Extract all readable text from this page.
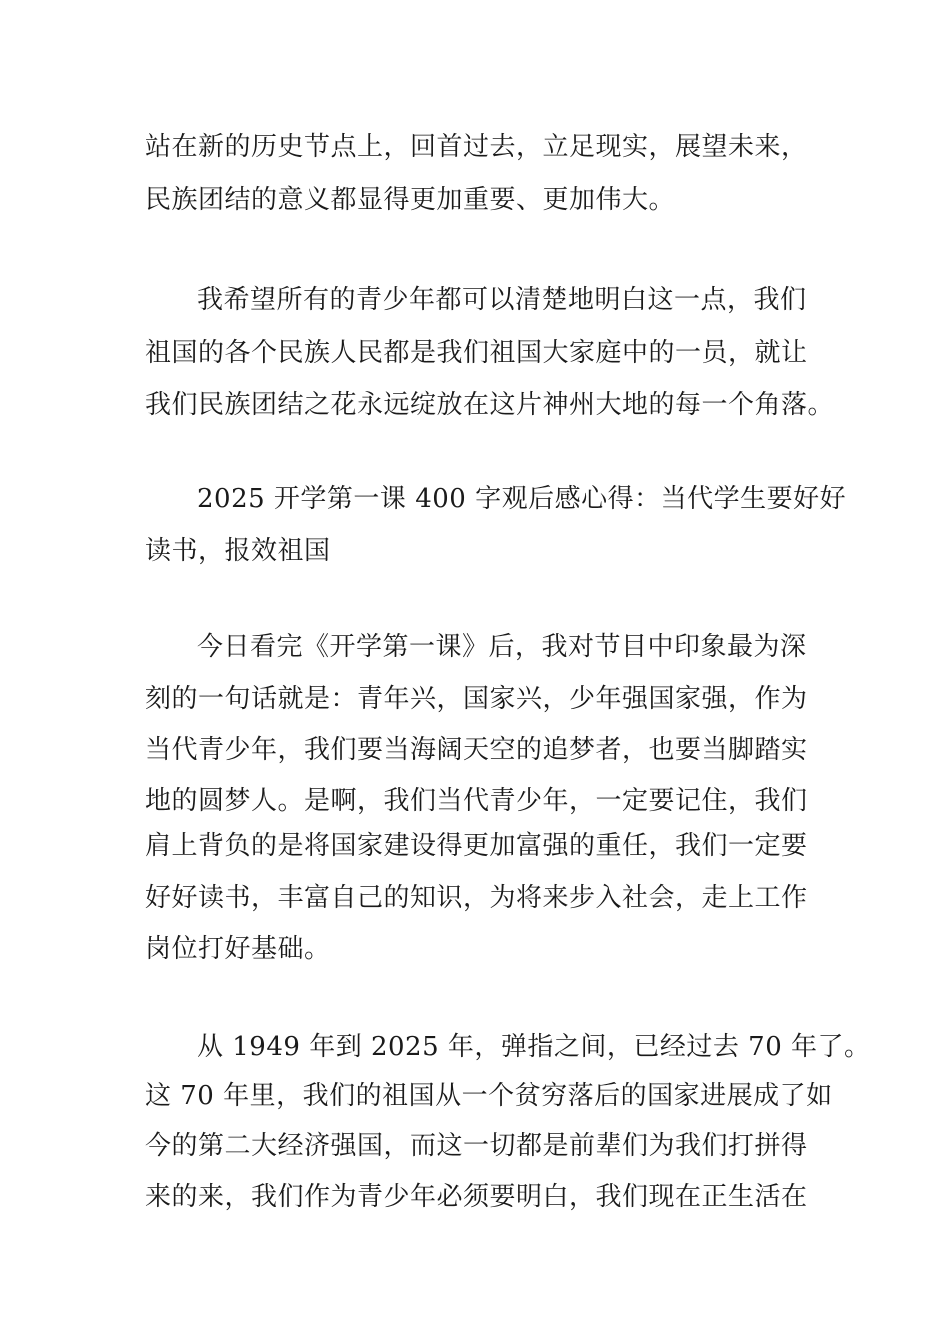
站在新的历史节点上，回首过去，立足现实，展望未来，
民族团结的意义都显得更加重要、更加伟大。
我希望所有的青少年都可以清楚地明白这一点，我们
祖国的各个民族人民都是我们祖国大家庭中的一员，就让
我们民族团结之花永远绽放在这片神州大地的每一个角落。
2025 开学第一课 400 字观后感心得：当代学生要好好
读书，报效祖国
今日看完《开学第一课》后，我对节目中印象最为深
刻的一句话就是：青年兴，国家兴，少年强国家强，作为
当代青少年，我们要当海阔天空的追梦者，也要当脚踏实
地的圆梦人。是啊，我们当代青少年，一定要记住，我们
肩上背负的是将国家建设得更加富强的重任，我们一定要
好好读书，丰富自己的知识，为将来步入社会，走上工作
岗位打好基础。
从 1949 年到 2025 年，弹指之间，已经过去 70 年了。
这 70 年里，我们的祖国从一个贫穷落后的国家进展成了如
今的第二大经济强国，而这一切都是前辈们为我们打拼得
来的来，我们作为青少年必须要明白，我们现在正生活在
